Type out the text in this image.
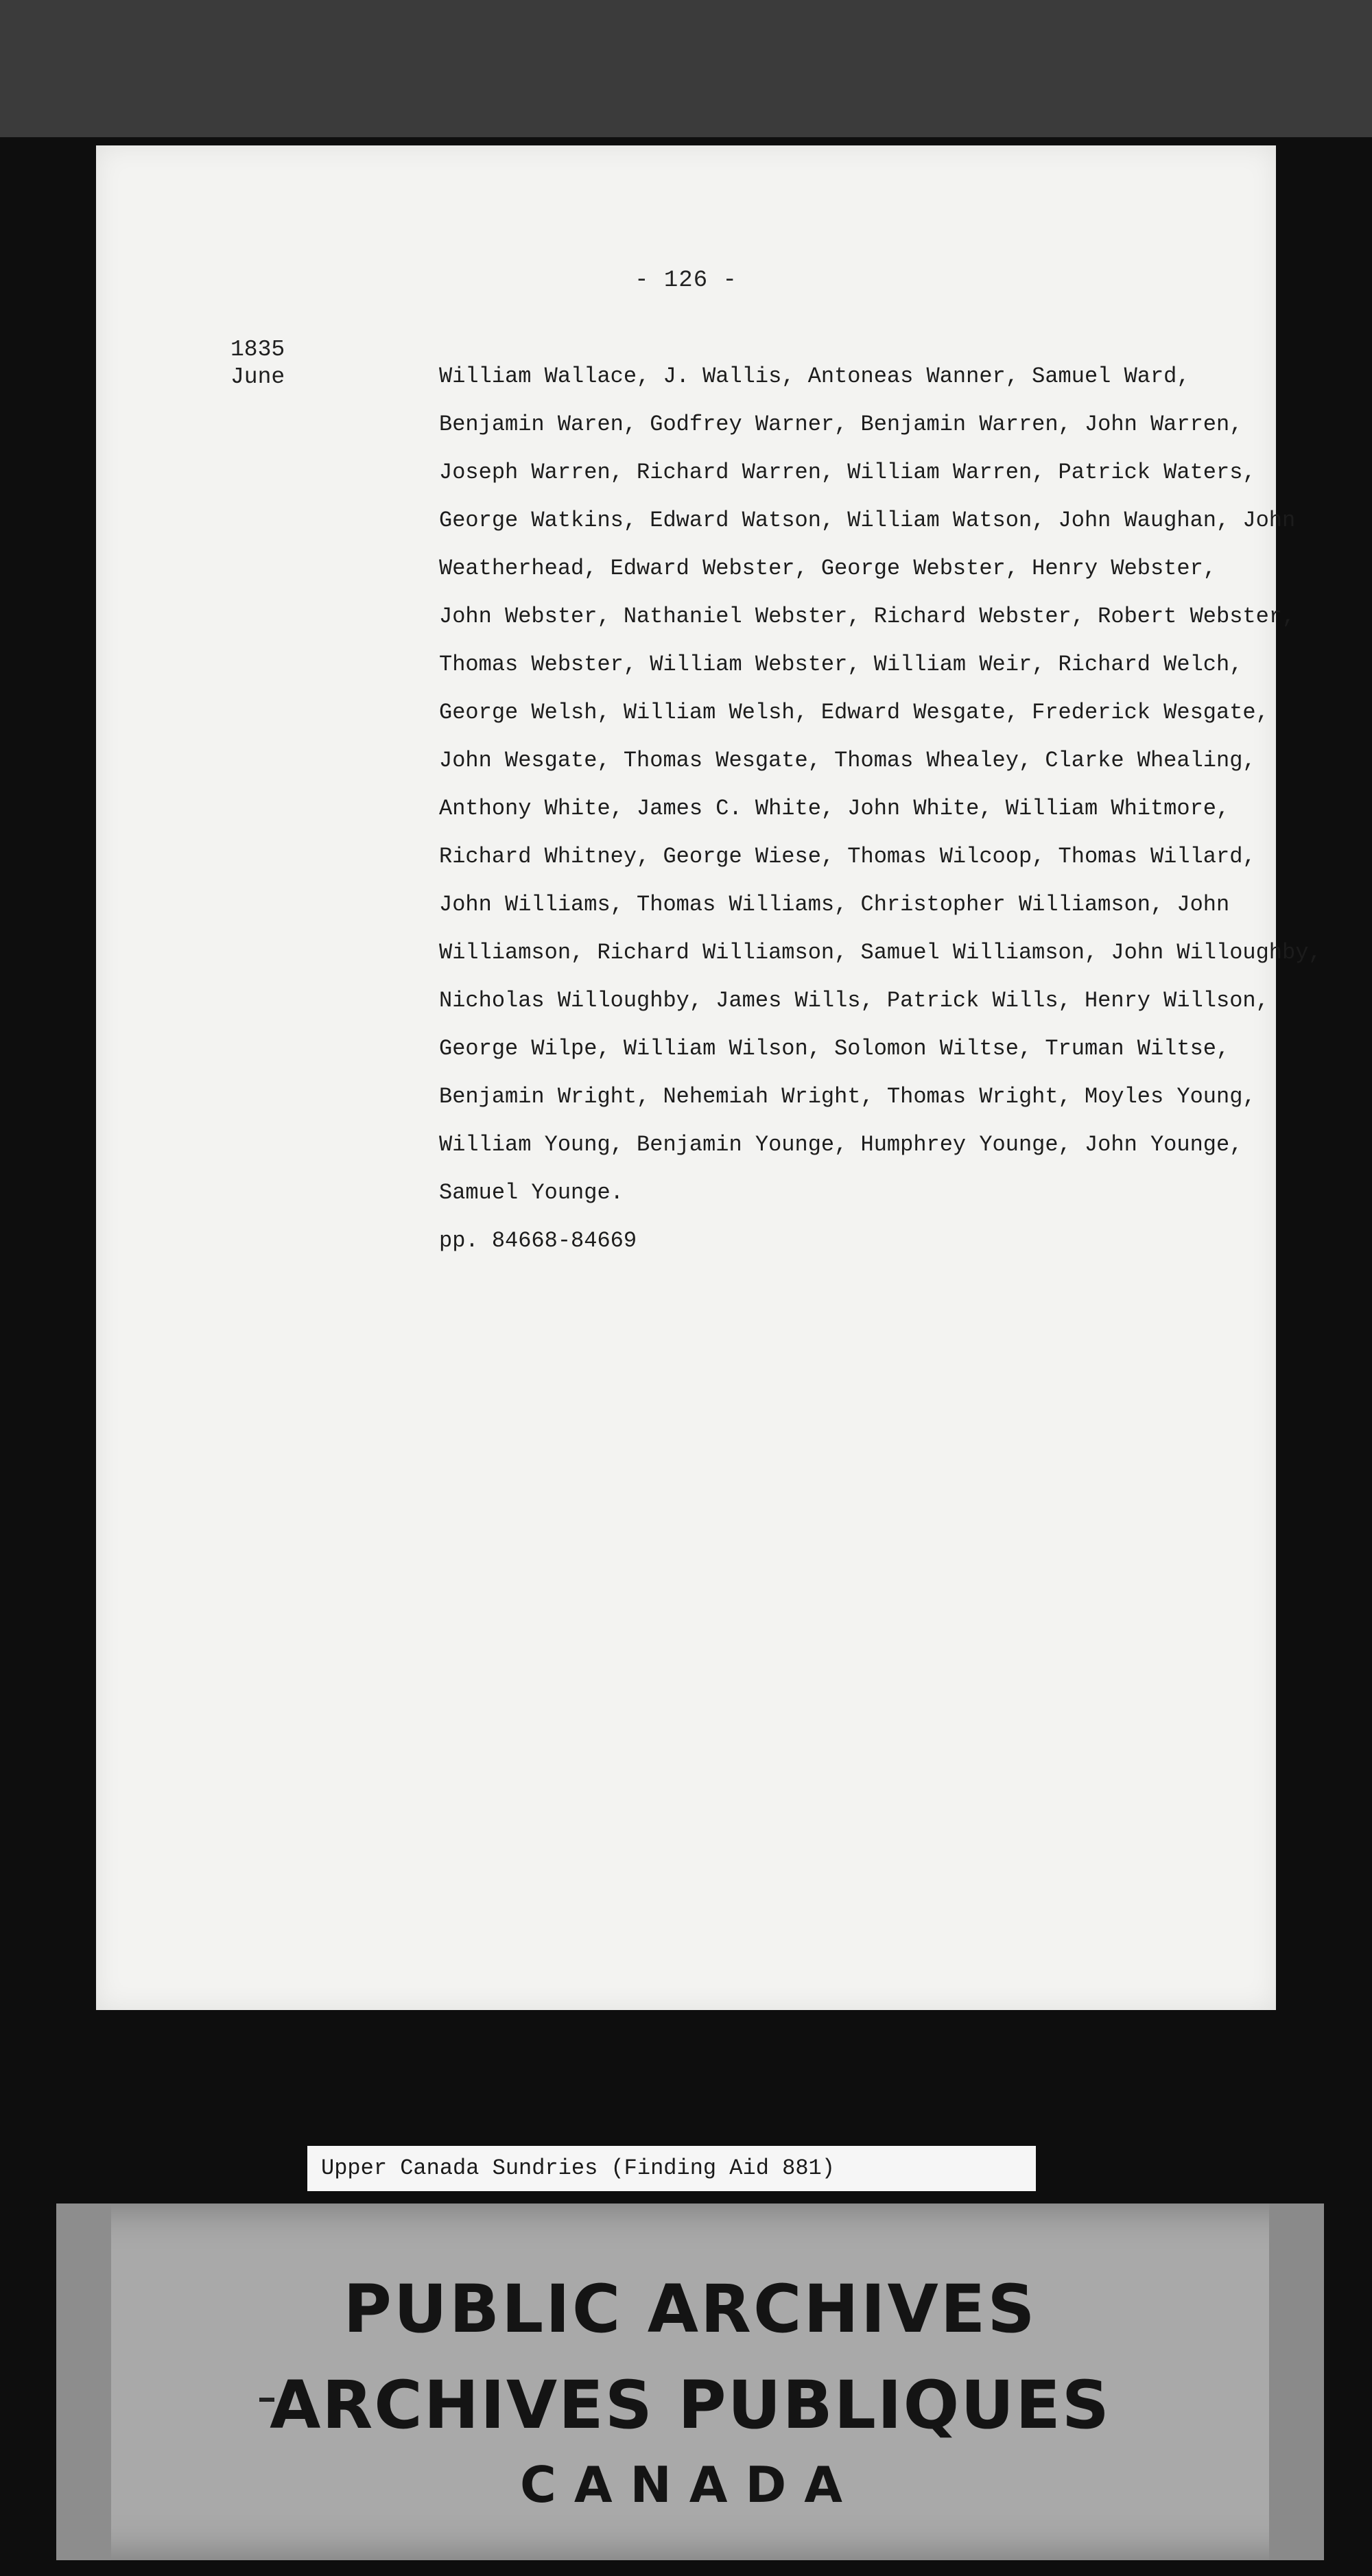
- 126 -
1835
June	William Wallace, J. Wallis, Antoneas Wanner, Samuel Ward,
Benjamin Waren, Godfrey Warner, Benjamin Warren, John Warren,
Joseph Warren, Richard Warren, William Warren, Patrick Waters,
George Watkins, Edward Watson, William Watson, John Waughan, John
Weatherhead, Edward Webster, George Webster, Henry Webster,
John Webster, Nathaniel Webster, Richard Webster, Robert Webster,
Thomas Webster, William Webster, William Weir, Richard Welch,
George Welsh, William Welsh, Edward Wesgate, Frederick Wesgate,
John Wesgate, Thomas Wesgate, Thomas Whealey, Clarke Whealing,
Anthony White, James C. White, John White, William Whitmore,
Richard Whitney, George Wiese, Thomas Wilcoop, Thomas Willard,
John Williams, Thomas Williams, Christopher Williamson, John
Williamson, Richard Williamson, Samuel Williamson, John Willoughby,
Nicholas Willoughby, James Wills, Patrick Wills, Henry Willson,
George Wilpe, William Wilson, Solomon Wiltse, Truman Wiltse,
Benjamin Wright, Nehemiah Wright, Thomas Wright, Moyles Young,
William Young, Benjamin Younge, Humphrey Younge, John Younge,
Samuel Younge.
pp. 84668-84669
Upper Canada Sundries (Finding Aid 881)
PUBLIC ARCHIVES
ARCHIVES PUBLIQUES
CANADA
